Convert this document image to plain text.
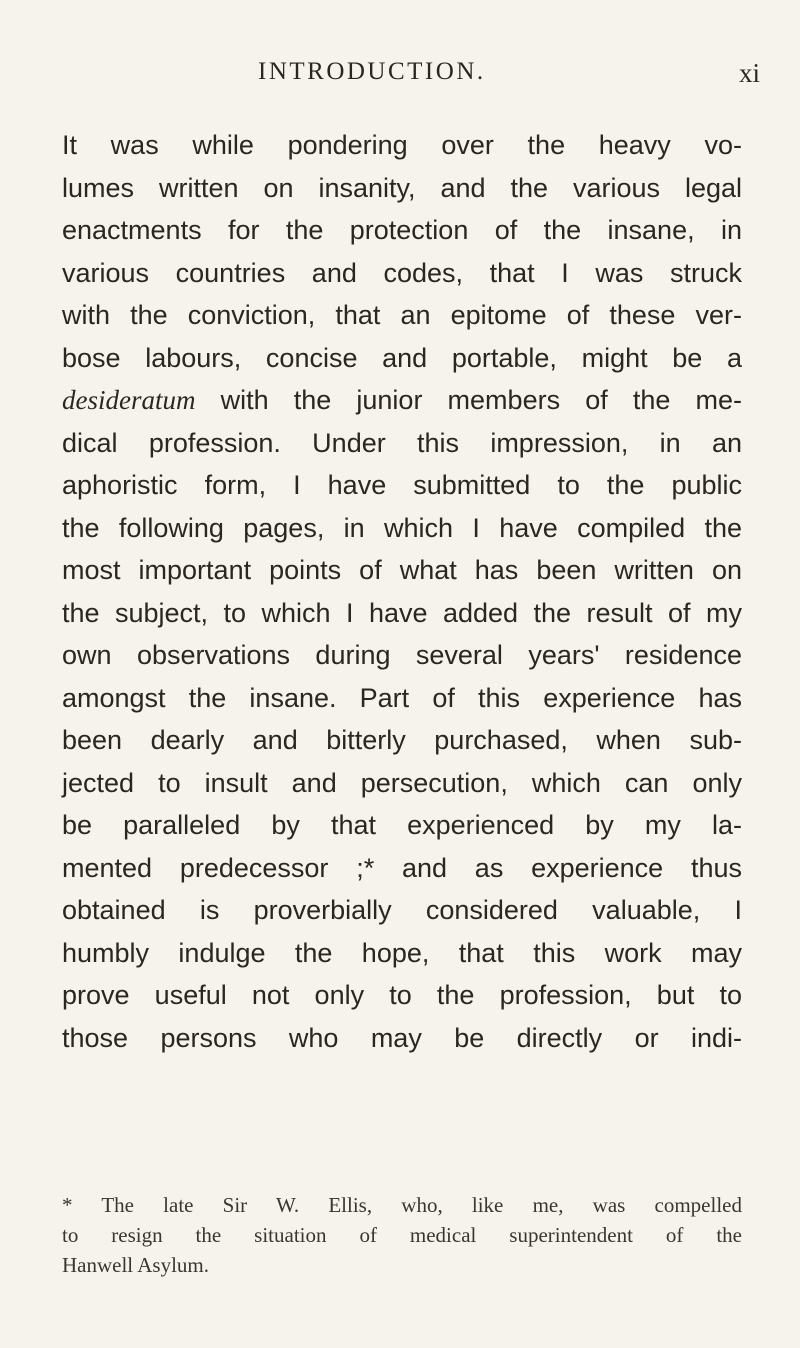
INTRODUCTION.	xi
It was while pondering over the heavy vo-
lumes written on insanity, and the various legal
enactments for the protection of the insane, in
various countries and codes, that I was struck
with the conviction, that an epitome of these ver-
bose labours, concise and portable, might be a
desideratum with the junior members of the me-
dical profession. Under this impression, in an
aphoristic form, I have submitted to the public
the following pages, in which I have compiled the
most important points of what has been written on
the subject, to which I have added the result of my
own observations during several years' residence
amongst the insane. Part of this experience has
been dearly and bitterly purchased, when sub-
jected to insult and persecution, which can only
be paralleled by that experienced by my la-
mented predecessor ;* and as experience thus
obtained is proverbially considered valuable, I
humbly indulge the hope, that this work may
prove useful not only to the profession, but to
those persons who may be directly or indi-
* The late Sir W. Ellis, who, like me, was compelled
to resign the situation of medical superintendent of the
Hanwell Asylum.
